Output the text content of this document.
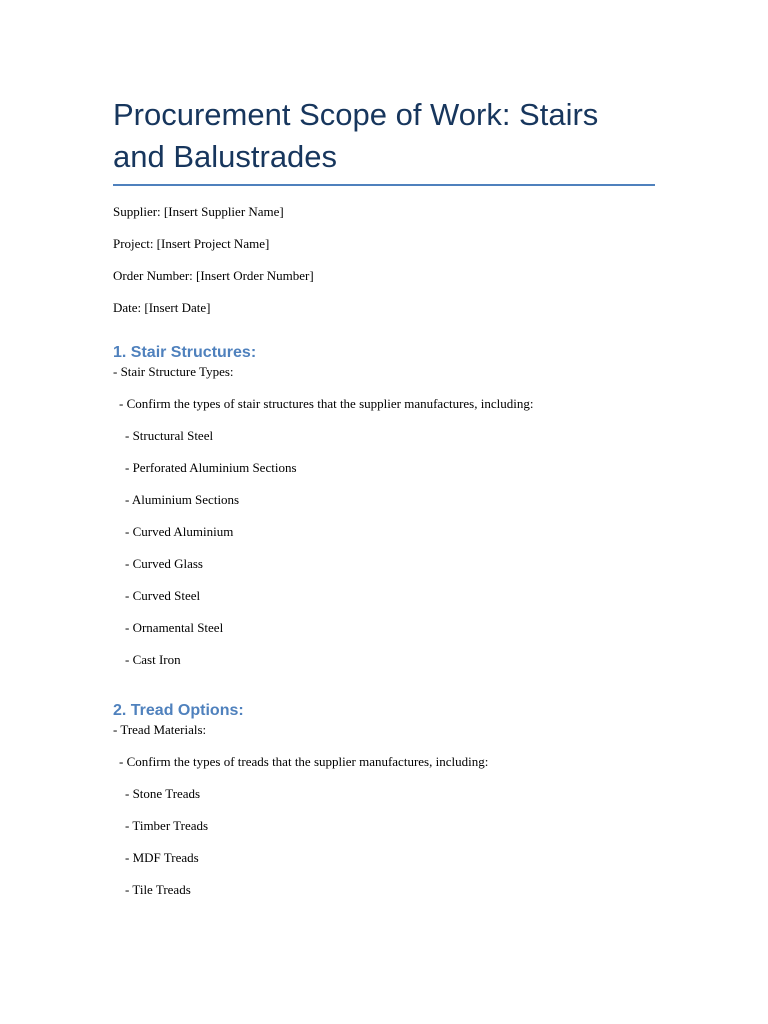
Procurement Scope of Work: Stairs and Balustrades

Supplier: [Insert Supplier Name]

Project: [Insert Project Name]

Order Number: [Insert Order Number]

Date: [Insert Date]

1. Stair Structures:

- Stair Structure Types:

- Confirm the types of stair structures that the supplier manufactures, including:

- Structural Steel

- Perforated Aluminium Sections

- Aluminium Sections

- Curved Aluminium

- Curved Glass

- Curved Steel

- Ornamental Steel

- Cast Iron

2. Tread Options:

- Tread Materials:

- Confirm the types of treads that the supplier manufactures, including:

- Stone Treads

- Timber Treads

- MDF Treads

- Tile Treads
